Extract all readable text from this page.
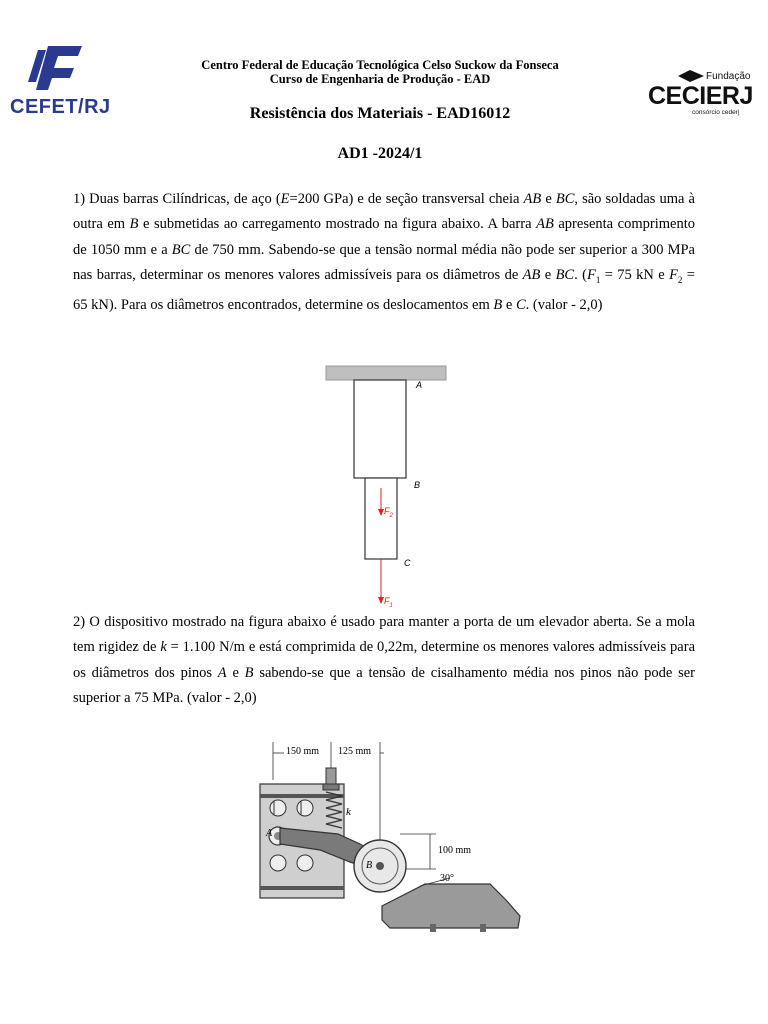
CEFET/RJ
Fundação
CECIERJ
consórcio cederj
Centro Federal de Educação Tecnológica Celso Suckow da Fonseca
Curso de Engenharia de Produção - EAD
Resistência dos Materiais - EAD16012
AD1 -2024/1
1) Duas barras Cilíndricas, de aço (E=200 GPa) e de seção transversal cheia AB e BC, são soldadas uma à outra em B e submetidas ao carregamento mostrado na figura abaixo. A barra AB apresenta comprimento de 1050 mm e a BC de 750 mm. Sabendo-se que a tensão normal média não pode ser superior a 300 MPa nas barras, determinar os menores valores admissíveis para os diâmetros de AB e BC. ($F_1 = 75$ kN e $F_2 = 65$ kN). Para os diâmetros encontrados, determine os deslocamentos em B e C. (valor - 2,0)
A
B
C
$F_2$
$F_1$
2) O dispositivo mostrado na figura abaixo é usado para manter a porta de um elevador aberta. Se a mola tem rigidez de k = 1.100 N/m e está comprimida de 0,22m, determine os menores valores admissíveis para os diâmetros dos pinos A e B sabendo-se que a tensão de cisalhamento média nos pinos não pode ser superior a 75 MPa. (valor - 2,0)
150 mm 125 mm
100 mm
30°
k
A
B
